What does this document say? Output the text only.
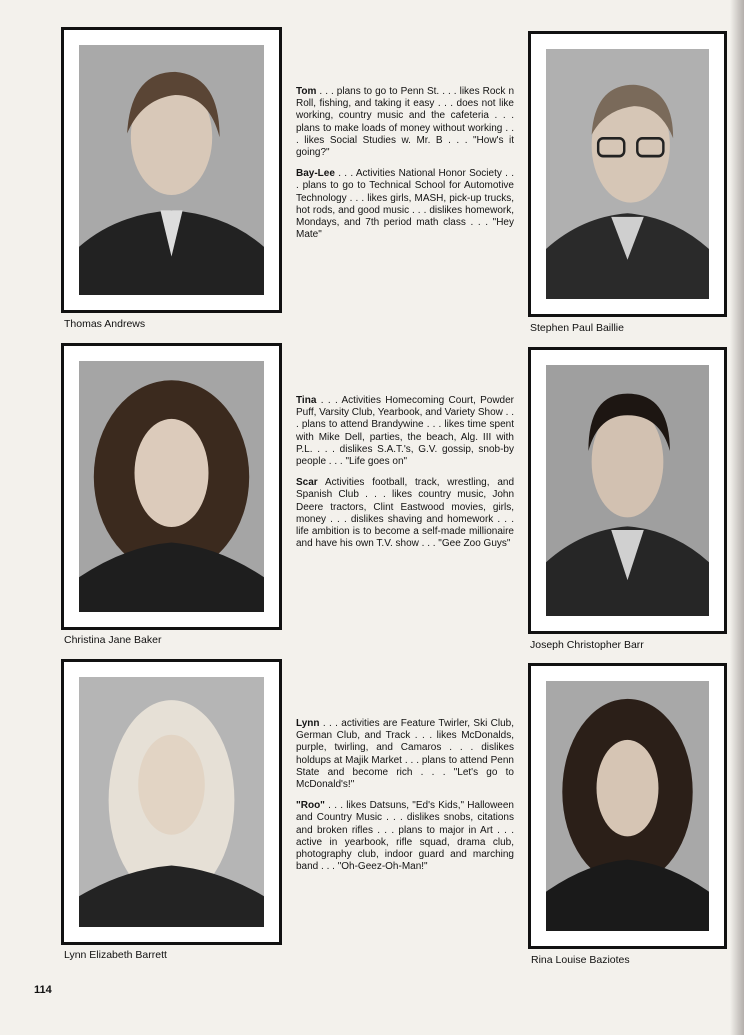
Thomas Andrews	Stephen Paul Baillie
Christina Jane Baker	Joseph Christopher Barr
Lynn Elizabeth Barrett	Rina Louise Baziotes

Tom . . . plans to go to Penn St. . . . likes Rock n Roll, fishing, and taking it easy . . . does not like working, country music and the cafeteria . . . plans to make loads of money without working . . . likes Social Studies w. Mr. B . . . "How's it going?"

Bay-Lee . . . Activities National Honor Society . . . plans to go to Technical School for Automotive Technology . . . likes girls, MASH, pick-up trucks, hot rods, and good music . . . dislikes homework, Mondays, and 7th period math class . . . "Hey Mate"

Tina . . . Activities Homecoming Court, Powder Puff, Varsity Club, Yearbook, and Variety Show . . . plans to attend Brandywine . . . likes time spent with Mike Dell, parties, the beach, Alg. III with P.L. . . . dislikes S.A.T.'s, G.V. gossip, snob-by people . . . "Life goes on"

Scar Activities football, track, wrestling, and Spanish Club . . . likes country music, John Deere tractors, Clint Eastwood movies, girls, money . . . dislikes shaving and homework . . . life ambition is to become a self-made millionaire and have his own T.V. show . . . "Gee Zoo Guys"

Lynn . . . activities are Feature Twirler, Ski Club, German Club, and Track . . . likes McDonalds, purple, twirling, and Camaros . . . dislikes holdups at Majik Market . . . plans to attend Penn State and become rich . . . "Let's go to McDonald's!"

"Roo" . . . likes Datsuns, "Ed's Kids," Halloween and Country Music . . . dislikes snobs, citations and broken rifles . . . plans to major in Art . . . active in yearbook, rifle squad, drama club, photography club, indoor guard and marching band . . . "Oh-Geez-Oh-Man!"

114
